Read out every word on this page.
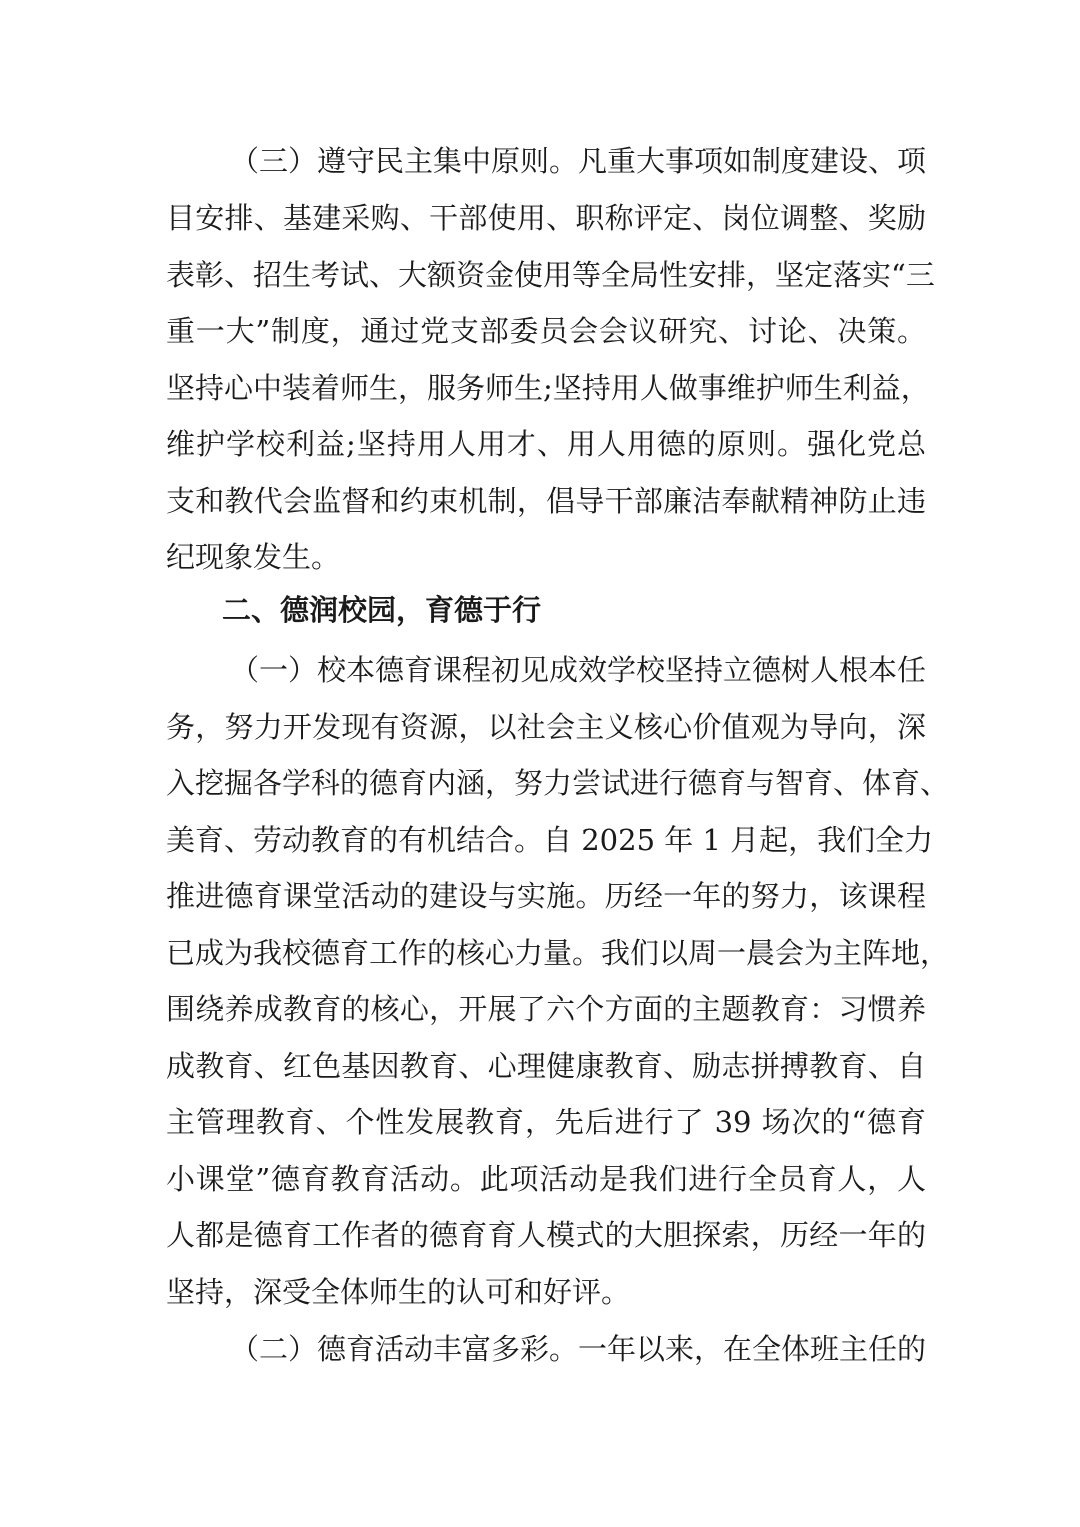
（三）遵守民主集中原则。凡重大事项如制度建设、项
目安排、基建采购、干部使用、职称评定、岗位调整、奖励
表彰、招生考试、大额资金使用等全局性安排，坚定落实“三
重一大”制度，通过党支部委员会会议研究、讨论、决策。
坚持心中装着师生，服务师生;坚持用人做事维护师生利益，
维护学校利益;坚持用人用才、用人用德的原则。强化党总
支和教代会监督和约束机制，倡导干部廉洁奉献精神防止违
纪现象发生。
二、德润校园，育德于行
（一）校本德育课程初见成效学校坚持立德树人根本任
务，努力开发现有资源，以社会主义核心价值观为导向，深
入挖掘各学科的德育内涵，努力尝试进行德育与智育、体育、
美育、劳动教育的有机结合。自 2025 年 1 月起，我们全力
推进德育课堂活动的建设与实施。历经一年的努力，该课程
已成为我校德育工作的核心力量。我们以周一晨会为主阵地，
围绕养成教育的核心，开展了六个方面的主题教育：习惯养
成教育、红色基因教育、心理健康教育、励志拼搏教育、自
主管理教育、个性发展教育，先后进行了 39 场次的“德育
小课堂”德育教育活动。此项活动是我们进行全员育人，人
人都是德育工作者的德育育人模式的大胆探索，历经一年的
坚持，深受全体师生的认可和好评。
（二）德育活动丰富多彩。一年以来，在全体班主任的
